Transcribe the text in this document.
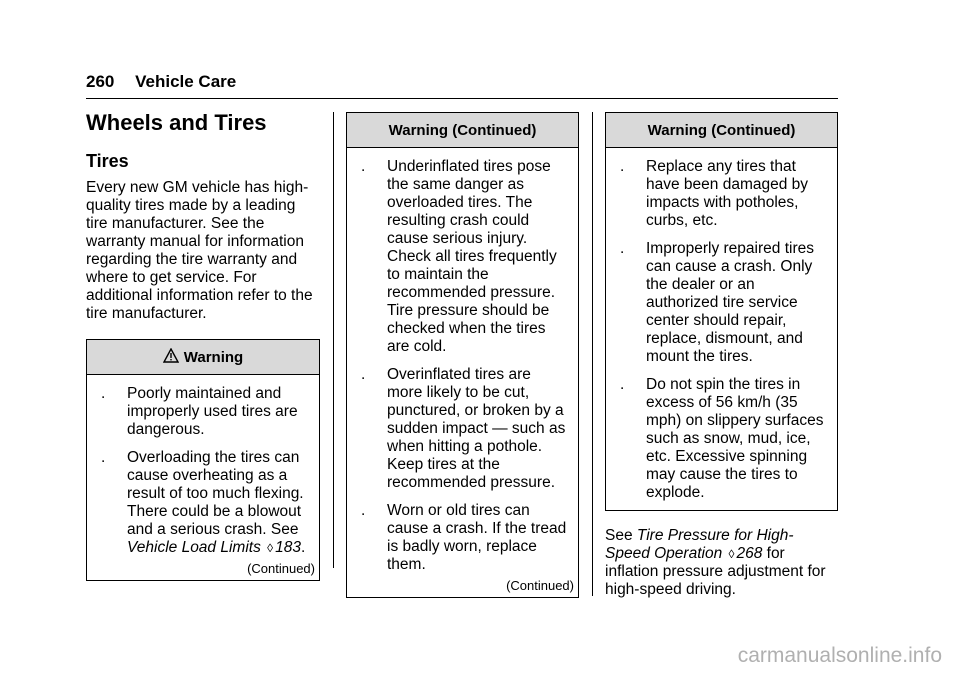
260 Vehicle Care
Wheels and Tires
Tires

Every new GM vehicle has high-quality tires made by a leading tire manufacturer. See the warranty manual for information regarding the tire warranty and where to get service. For additional information refer to the tire manufacturer.

Warning
.	Poorly maintained and improperly used tires are dangerous.
.	Overloading the tires can cause overheating as a result of too much flexing. There could be a blowout and a serious crash. See Vehicle Load Limits ◊ 183.
(Continued)
Warning (Continued)
.	Underinflated tires pose the same danger as overloaded tires. The resulting crash could cause serious injury. Check all tires frequently to maintain the recommended pressure. Tire pressure should be checked when the tires are cold.
.	Overinflated tires are more likely to be cut, punctured, or broken by a sudden impact — such as when hitting a pothole. Keep tires at the recommended pressure.
.	Worn or old tires can cause a crash. If the tread is badly worn, replace them.
(Continued)
Warning (Continued)
.	Replace any tires that have been damaged by impacts with potholes, curbs, etc.
.	Improperly repaired tires can cause a crash. Only the dealer or an authorized tire service center should repair, replace, dismount, and mount the tires.
.	Do not spin the tires in excess of 56 km/h (35 mph) on slippery surfaces such as snow, mud, ice, etc. Excessive spinning may cause the tires to explode.

See Tire Pressure for High-Speed Operation ◊ 268 for inflation pressure adjustment for high-speed driving.

carmanualsonline.info
